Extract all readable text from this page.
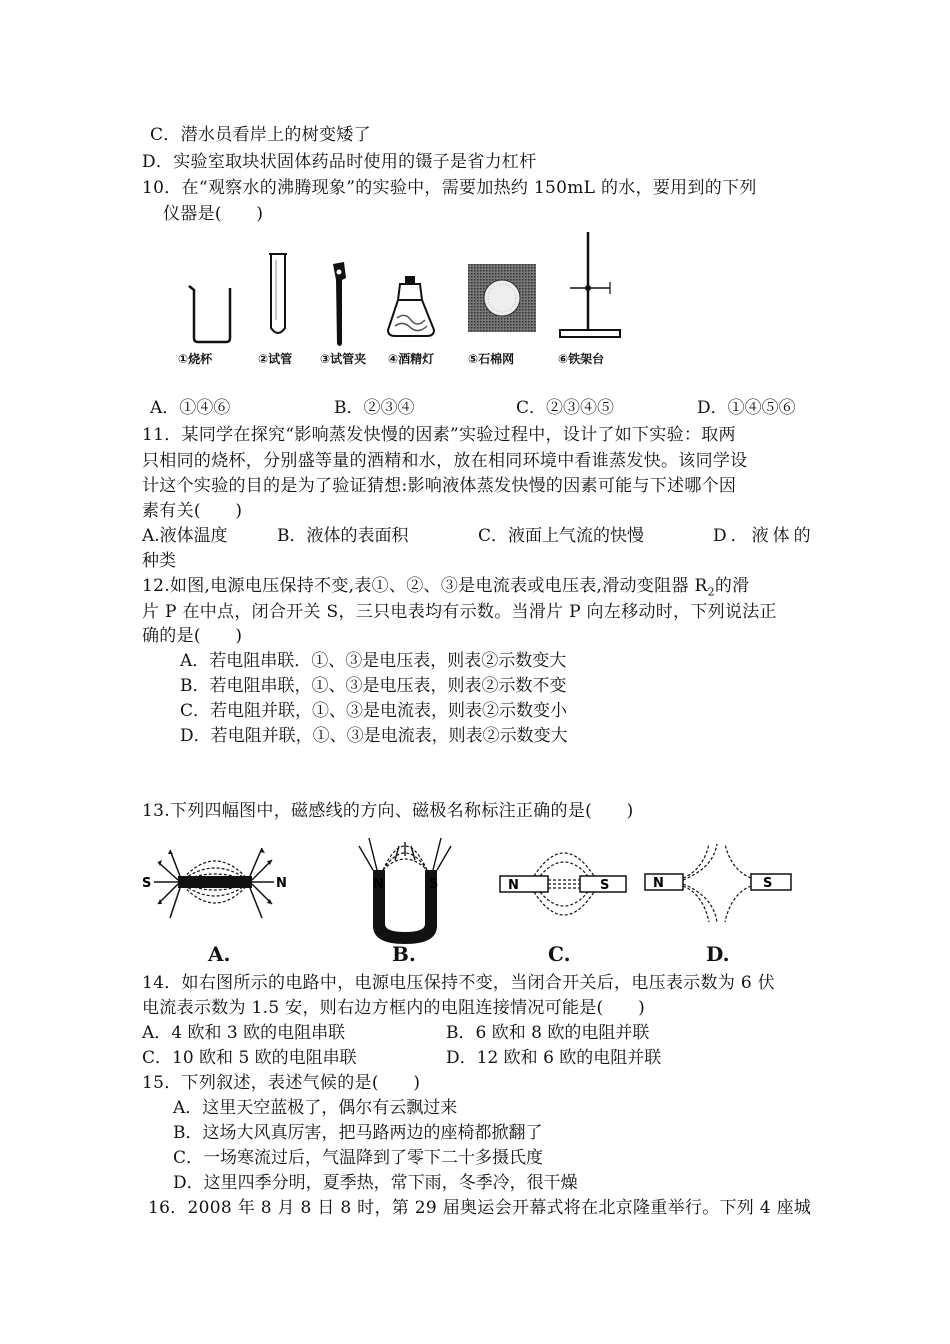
C．潜水员看岸上的树变矮了
D．实验室取块状固体药品时使用的镊子是省力杠杆
10．在“观察水的沸腾现象”的实验中，需要加热约 150mL 的水，要用到的下列
仪器是(　　)
①烧杯	②试管 ③试管夹 ④酒精灯	⑤石棉网	⑥铁架台
A．①④⑥	B．②③④	C．②③④⑤	D．①④⑤⑥
11．某同学在探究“影响蒸发快慢的因素”实验过程中，设计了如下实验：取两
只相同的烧杯，分别盛等量的酒精和水，放在相同环境中看谁蒸发快。该同学设
计这个实验的目的是为了验证猜想:影响液体蒸发快慢的因素可能与下述哪个因
素有关(　　)
A.液体温度	B．液体的表面积	C．液面上气流的快慢	D．液体的
种类
12.如图,电源电压保持不变,表①、②、③是电流表或电压表,滑动变阻器 $R_2$的滑
片 P 在中点，闭合开关 S，三只电表均有示数。当滑片 P 向左移动时，下列说法正
确的是(　　)
A．若电阻串联．①、③是电压表，则表②示数变大
B．若电阻串联，①、③是电压表，则表②示数不变
C．若电阻并联，①、③是电流表，则表②示数变小
D．若电阻并联，①、③是电流表，则表②示数变大
13.下列四幅图中，磁感线的方向、磁极名称标注正确的是(　　)
S	N
A.
N	S
B.
N	S
C.
N	S
D.
14．如右图所示的电路中，电源电压保持不变，当闭合开关后，电压表示数为 6 伏
电流表示数为 1.5 安，则右边方框内的电阻连接情况可能是(　　)
A．4 欧和 3 欧的电阻串联	B．6 欧和 8 欧的电阻并联
C．10 欧和 5 欧的电阻串联	D．12 欧和 6 欧的电阻并联
15．下列叙述，表述气候的是(　　)
A．这里天空蓝极了，偶尔有云飘过来
B．这场大风真厉害，把马路两边的座椅都掀翻了
C．一场寒流过后，气温降到了零下二十多摄氏度
D．这里四季分明，夏季热，常下雨，冬季冷，很干燥
16．2008 年 8 月 8 日 8 时，第 29 届奥运会开幕式将在北京隆重举行。下列 4 座城
